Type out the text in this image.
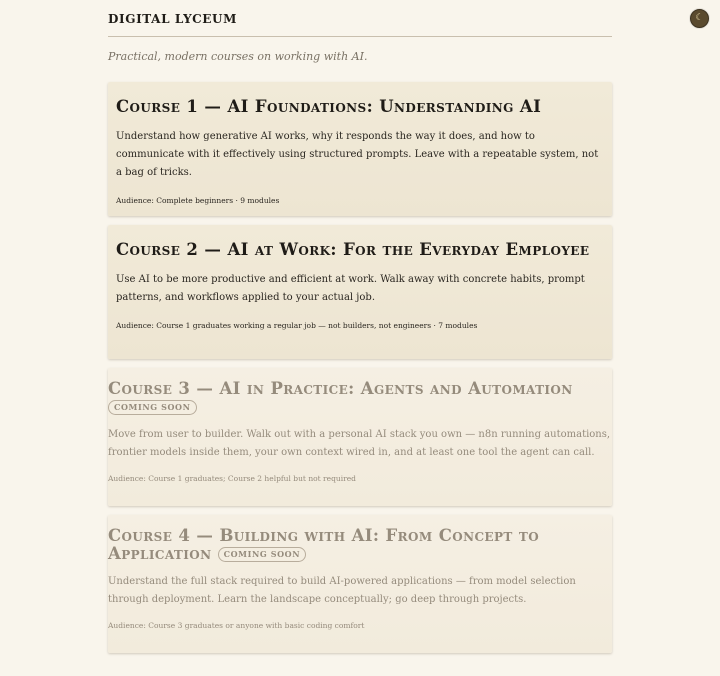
DIGITAL LYCEUM
Practical, modern courses on working with AI.
Course 1 — AI Foundations: Understanding AI

Understand how generative AI works, why it responds the way it does, and how to communicate with it effectively using structured prompts. Leave with a repeatable system, not a bag of tricks.

Audience: Complete beginners · 9 modules

Course 2 — AI at Work: For the Everyday Employee

Use AI to be more productive and efficient at work. Walk away with concrete habits, prompt patterns, and workflows applied to your actual job.

Audience: Course 1 graduates working a regular job — not builders, not engineers · 7 modules

Course 3 — AI in Practice: Agents and Automation COMING SOON

Move from user to builder. Walk out with a personal AI stack you own — n8n running automations, frontier models inside them, your own context wired in, and at least one tool the agent can call.

Audience: Course 1 graduates; Course 2 helpful but not required

Course 4 — Building with AI: From Concept to Application COMING SOON

Understand the full stack required to build AI-powered applications — from model selection through deployment. Learn the landscape conceptually; go deep through projects.

Audience: Course 3 graduates or anyone with basic coding comfort

☾
